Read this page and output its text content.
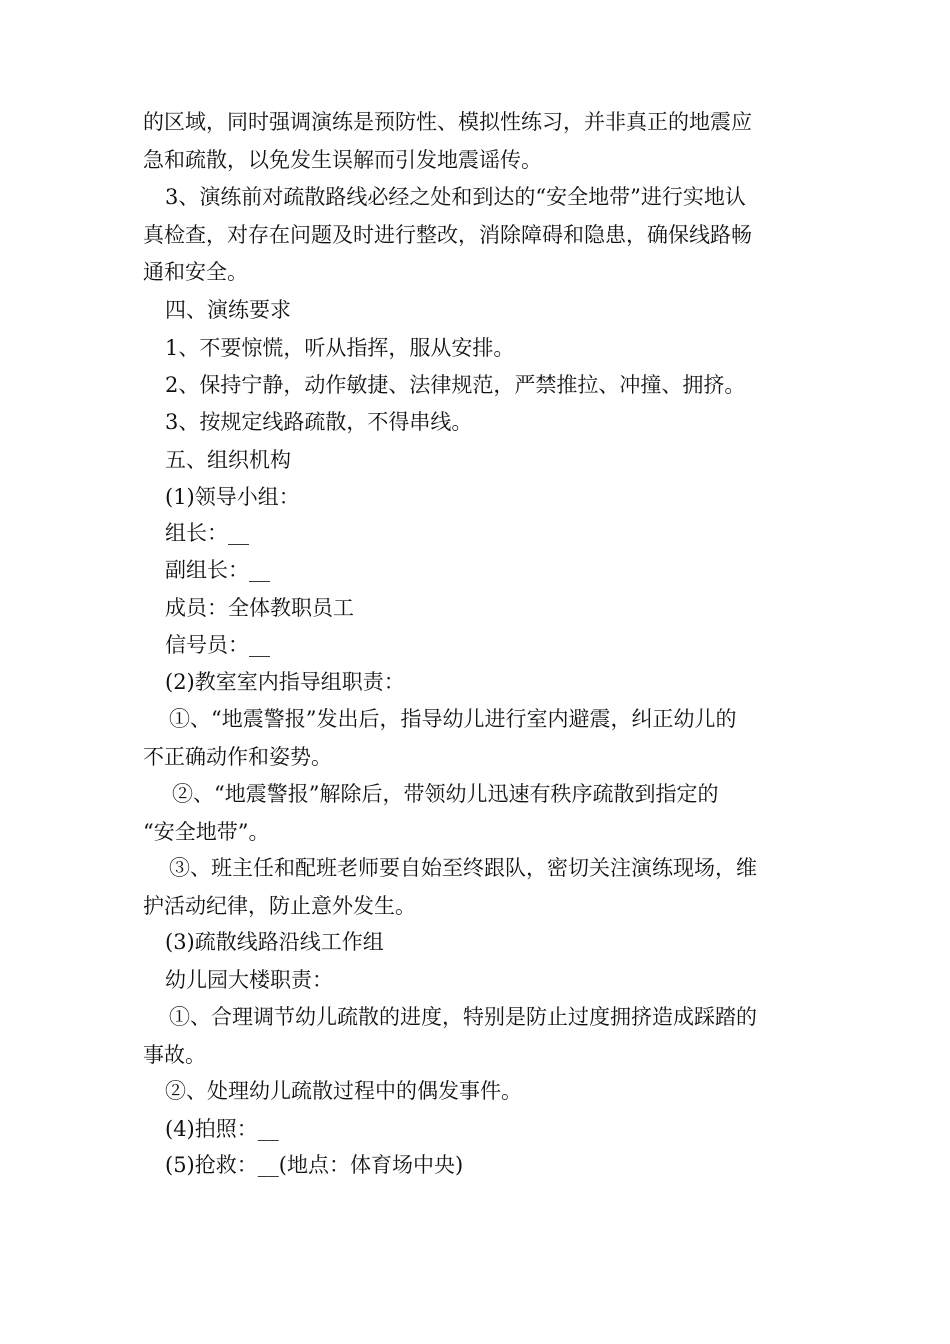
的区域，同时强调演练是预防性、模拟性练习，并非真正的地震应
急和疏散，以免发生误解而引发地震谣传。
3、演练前对疏散路线必经之处和到达的“安全地带”进行实地认
真检查，对存在问题及时进行整改，消除障碍和隐患，确保线路畅
通和安全。
四、演练要求
1、不要惊慌，听从指挥，服从安排。
2、保持宁静，动作敏捷、法律规范，严禁推拉、冲撞、拥挤。
3、按规定线路疏散，不得串线。
五、组织机构
(1)领导小组：
组长：__
副组长：__
成员：全体教职员工
信号员：__
(2)教室室内指导组职责：
①、“地震警报”发出后，指导幼儿进行室内避震，纠正幼儿的
不正确动作和姿势。
②、“地震警报”解除后，带领幼儿迅速有秩序疏散到指定的
“安全地带”。
③、班主任和配班老师要自始至终跟队，密切关注演练现场，维
护活动纪律，防止意外发生。
(3)疏散线路沿线工作组
幼儿园大楼职责：
①、合理调节幼儿疏散的进度，特别是防止过度拥挤造成踩踏的
事故。
②、处理幼儿疏散过程中的偶发事件。
(4)拍照：__
(5)抢救：__(地点：体育场中央)
